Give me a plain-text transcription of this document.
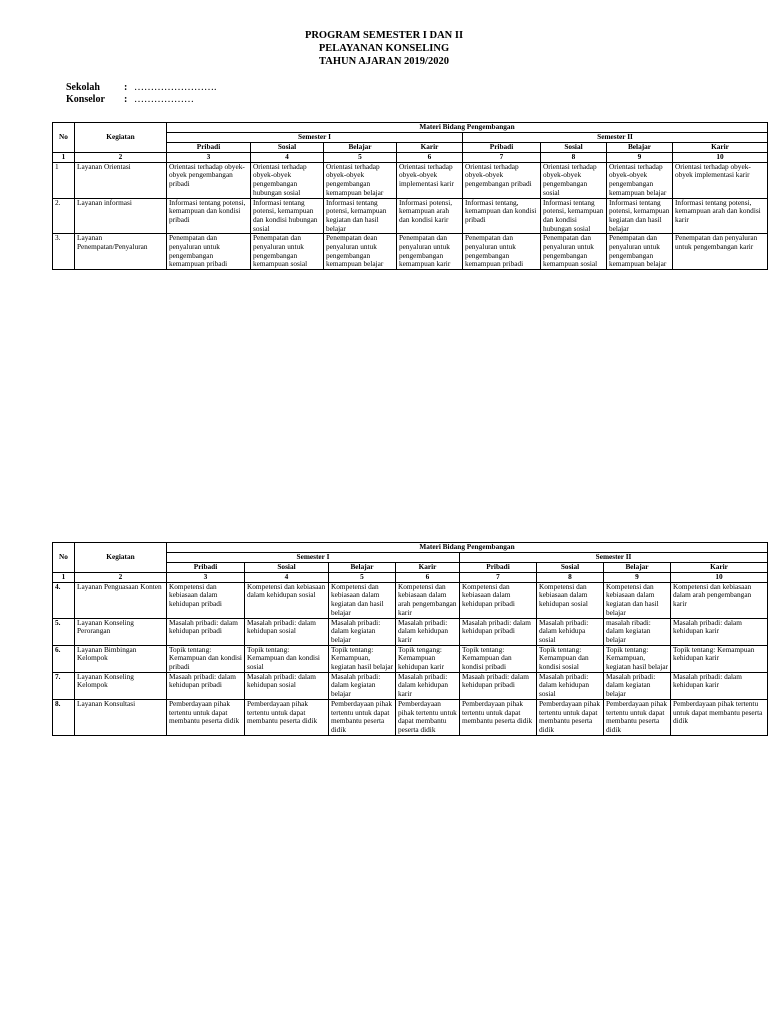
PROGRAM SEMESTER I DAN II
PELAYANAN KONSELING
TAHUN AJARAN 2019/2020
Sekolah	: …………………….
Konselor	: ………………
No	Kegiatan	Materi Bidang Pengembangan							
		Semester I				Semester II			
		Pribadi	Sosial	Belajar	Karir	Pribadi	Sosial	Belajar	Karir
1	2	3	4	5	6	7	8	9	10
1	Layanan Orientasi	Orientasi terhadap obyek-obyek pengembangan pribadi	Orientasi terhadap obyek-obyek pengembangan hubungan sosial	Orientasi terhadap obyek-obyek pengembangan kemampuan belajar	Orientasi terhadap obyek-obyek implementasi karir	Orientasi terhadap obyek-obyek pengembangan pribadi	Orientasi terhadap obyek-obyek pengembangan sosial	Orientasi terhadap obyek-obyek pengembangan kemampuan belajar	Orientasi terhadap obyek-obyek implementasi karir
2.	Layanan informasi	Informasi tentang potensi, kemampuan dan kondisi pribadi	Informasi tentang potensi, kemampuan dan kondisi hubungan sosial	Informasi tentang potensi, kemampuan kegiatan dan hasil belajar	Informasi potensi, kemampuan arah dan kondisi karir	Informasi tentang, kemampuan dan kondisi pribadi	Informasi tentang potensi, kemampuan dan kondisi hubungan sosial	Informasi tentang potensi, kemampuan kegiatan dan hasil belajar	Informasi tentang potensi, kemampuan arah dan kondisi karir
3.	Layanan Penempatan/Penyaluran	Penempatan dan penyaluran untuk pengembangan kemampuan pribadi	Penempatan dan penyaluran untuk pengembangan kemampuan sosial	Penempatan dean penyaluran untuk pengembangan kemampuan belajar	Penempatan dan penyaluran untuk pengembangan kemampuan karir	Penempatan dan penyaluran untuk pengembangan kemampuan pribadi	Penempatan dan penyaluran untuk pengembangan kemampuan sosial	Penempatan dan penyaluran untuk pengembangan kemampuan belajar	Penempatan dan penyaluran untuk pengembangan karir
No	Kegiatan	Materi Bidang Pengembangan							
		Semester I				Semester II			
		Pribadi	Sosial	Belajar	Karir	Pribadi	Sosial	Belajar	Karir
1	2	3	4	5	6	7	8	9	10
4.	Layanan Penguasaan Konten	Kompetensi dan kebiasaan dalam kehidupan pribadi	Kompetensi dan kebiasaan dalam kehidupan sosial	Kompetensi dan kebiasaan dalam kegiatan dan hasil belajar	Kompetensi dan kebiasaan dalam arah pengembangan karir	Kompetensi dan kebiasaan dalam kehidupan pribadi	Kompetensi dan kebiasaan dalam kehidupan sosial	Kompetensi dan kebiasaan dalam kegiatan dan hasil belajar	Kompetensi dan kebiasaan dalam arah pengembangan karir
5.	Layanan Konseling Perorangan	Masalah pribadi: dalam kehidupan pribadi	Masalah pribadi: dalam kehidupan sosial	Masalah pribadi: dalam kegiatan belajar	Masalah pribadi: dalam kehidupan karir	Masalah pribadi: dalam kehidupan pribadi	Masalah pribadi: dalam kehidupa sosial	masalah ribadi: dalam kegiatan belajar	Masalah pribadi: dalam kehidupan karir
6.	Layanan Bimbingan Kelompok	Topik tentang: Kemampuan dan kondisi pribadi	Topik tentang: Kemampuan dan kondisi sosial	Topik tentang: Kemampuan, kegiatan hasil belajar	Topik tengang: Kemampuan kehidupan karir	Topik tentang: Kemampuan dan kondisi pribadi	Topik tentang: Kemampuan dan kondisi sosial	Topik tentang: Kemampuan, kegiatan hasil belajar	Topik tentang: Kemampuan kehidupan karir
7.	Layanan Konseling Kelompok	Masaah pribadi: dalam kehidupan pribadi	Masalah pribadi: dalam kehidupan sosial	Masalah pribadi: dalam kegiatan belajar	Masalah pribadi: dalam kehidupan karir	Masaah pribadi: dalam kehidupan pribadi	Masalah pribadi: dalam kehidupan sosial	Masalah pribadi: dalam kegiatan belajar	Masalah pribadi: dalam kehidupan karir
8.	Layanan Konsultasi	Pemberdayaan pihak tertentu untuk dapat membantu peserta didik	Pemberdayaan pihak tertentu untuk dapat membantu peserta didik	Pemberdayaan pihak tertentu untuk dapat membantu peserta didik	Pemberdayaan pihak tertentu untuk dapat membantu peserta didik	Pemberdayaan pihak tertentu untuk dapat membantu peserta didik	Pemberdayaan pihak tertentu untuk dapat membantu peserta didik	Pemberdayaan pihak tertentu untuk dapat membantu peserta didik	Pemberdayaan pihak tertentu untuk dapat membantu peserta didik
